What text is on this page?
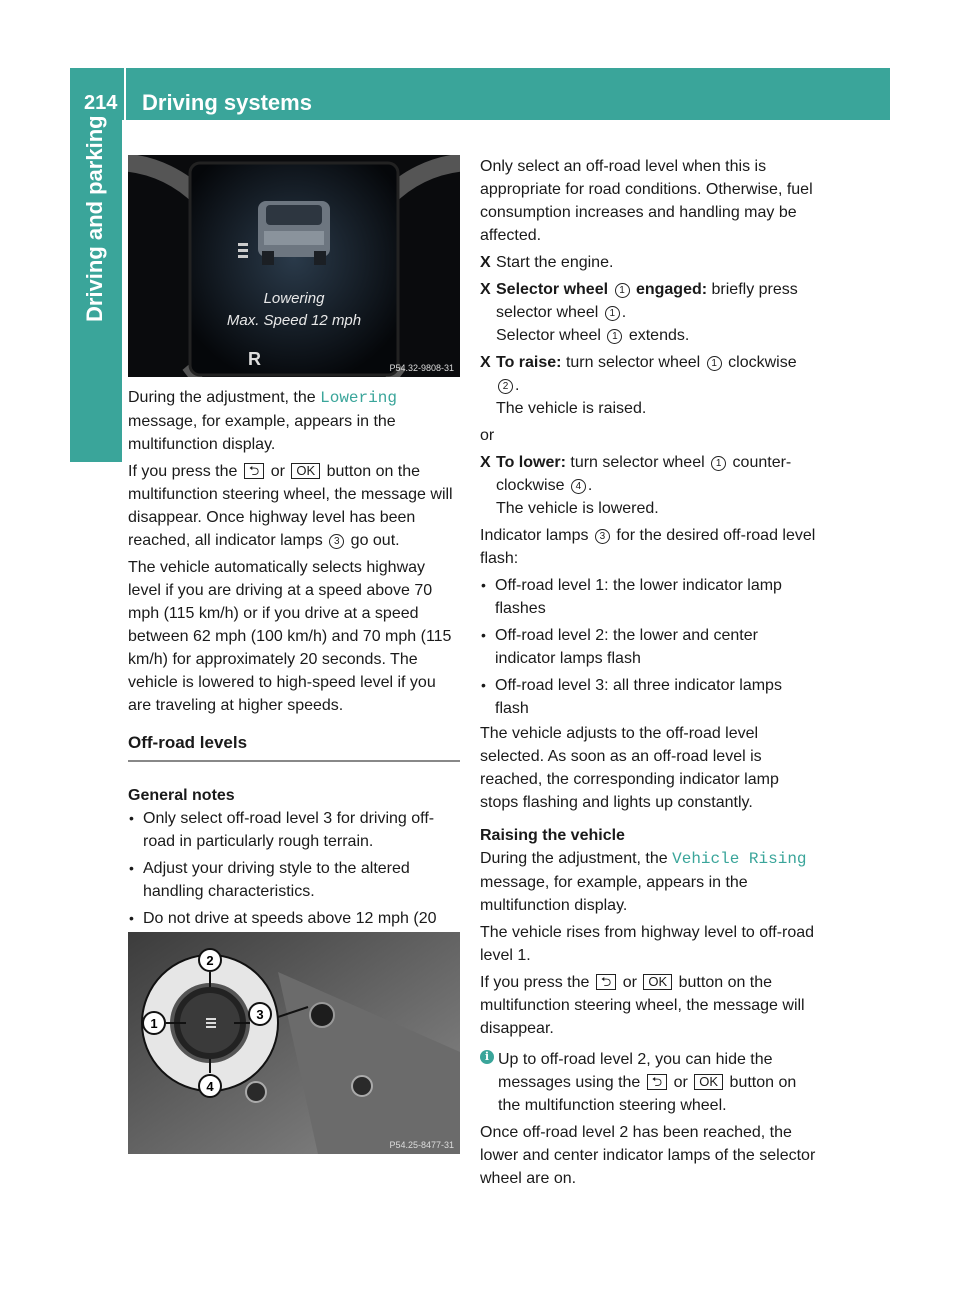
214 Driving systems
Driving and parking
R
Lowering
Max. Speed 12 mph
P54.32-9808-31

During the adjustment, the Lowering message, for example, appears in the multifunction display.

If you press the ⮌ or OK button on the multifunction steering wheel, the message will disappear. Once highway level has been reached, all indicator lamps 3 go out.

The vehicle automatically selects highway level if you are driving at a speed above 70 mph (115 km/h) or if you drive at a speed between 62 mph (100 km/h) and 70 mph (115 km/h) for approximately 20 seconds. The vehicle is lowered to high-speed level if you are traveling at higher speeds.

Off-road levels

General notes

• Only select off-road level 3 for driving off-road in particularly rough terrain.
• Adjust your driving style to the altered handling characteristics.
• Do not drive at speeds above 12 mph (20
1
2
3
4
P54.25-8477-31

Only select an off-road level when this is appropriate for road conditions. Otherwise, fuel consumption increases and handling may be affected.

X Start the engine.
X Selector wheel 1 engaged: briefly press selector wheel 1 .
Selector wheel 1 extends.
X To raise: turn selector wheel 1 clockwise 2 .
The vehicle is raised.

or

X To lower: turn selector wheel 1 counter-clockwise 4 .
The vehicle is lowered.

Indicator lamps 3 for the desired off-road level flash:

• Off-road level 1: the lower indicator lamp flashes
• Off-road level 2: the lower and center indicator lamps flash
• Off-road level 3: all three indicator lamps flash

The vehicle adjusts to the off-road level selected. As soon as an off-road level is reached, the corresponding indicator lamp stops flashing and lights up constantly.

Raising the vehicle

During the adjustment, the Vehicle Rising message, for example, appears in the multifunction display.

The vehicle rises from highway level to off-road level 1.

If you press the ⮌ or OK button on the multifunction steering wheel, the message will disappear.

i Up to off-road level 2, you can hide the messages using the ⮌ or OK button on the multifunction steering wheel.

Once off-road level 2 has been reached, the lower and center indicator lamps of the selector wheel are on.
